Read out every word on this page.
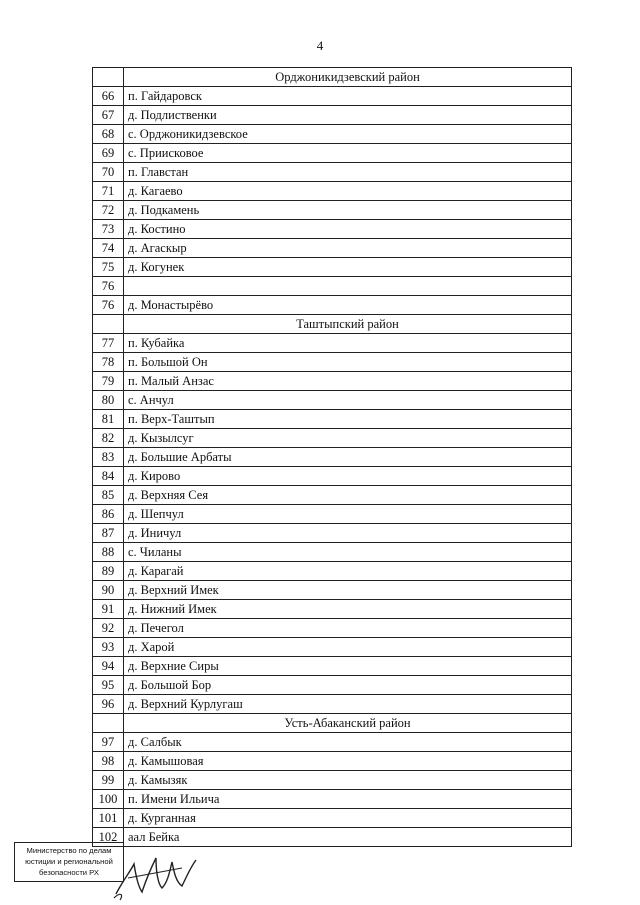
4
	Орджоникидзевский район
66	п. Гайдаровск
67	д. Подлиственки
68	с. Орджоникидзевское
69	с. Приисковое
70	п. Главстан
71	д. Кагаево
72	д. Подкамень
73	д. Костино
74	д. Агаскыр
75	д. Когунек
76	
76	д. Монастырёво
	Таштыпский район
77	п. Кубайка
78	п. Большой Он
79	п. Малый Анзас
80	с. Анчул
81	п. Верх-Таштып
82	д. Кызылсуг
83	д. Большие Арбаты
84	д. Кирово
85	д. Верхняя Сея
86	д. Шепчул
87	д. Иничул
88	с. Чиланы
89	д. Карагай
90	д. Верхний Имек
91	д. Нижний Имек
92	д. Печегол
93	д. Харой
94	д. Верхние Сиры
95	д. Большой Бор
96	д. Верхний Курлугаш
	Усть-Абаканский район
97	д. Салбык
98	д. Камышовая
99	д. Камызяк
100	п. Имени Ильича
101	д. Курганная
102	аал Бейка
Министерство по делам
юстиции и региональной
безопасности РХ
